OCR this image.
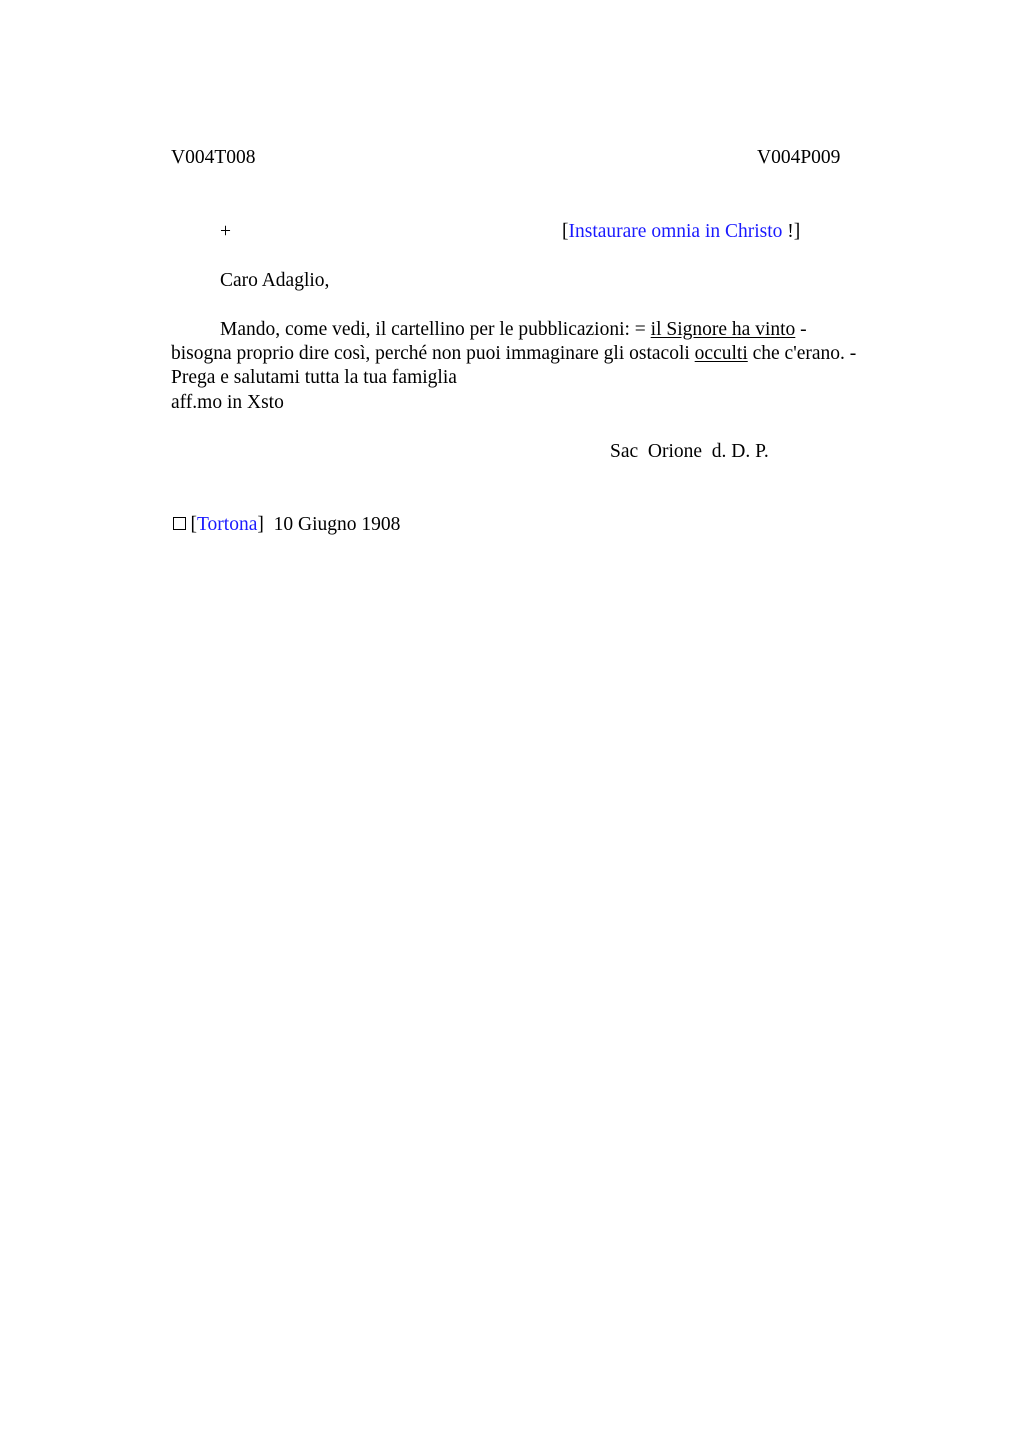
V004T008	V004P009
+	[Instaurare omnia in Christo !]
Caro Adaglio,
Mando, come vedi, il cartellino per le pubblicazioni: = il Signore ha vinto -
bisogna proprio dire così, perché non puoi immaginare gli ostacoli occulti che c'erano. -
Prega e salutami tutta la tua famiglia
aff.mo in Xsto
Sac  Orione  d. D. P.

[Tortona]  10 Giugno 1908
